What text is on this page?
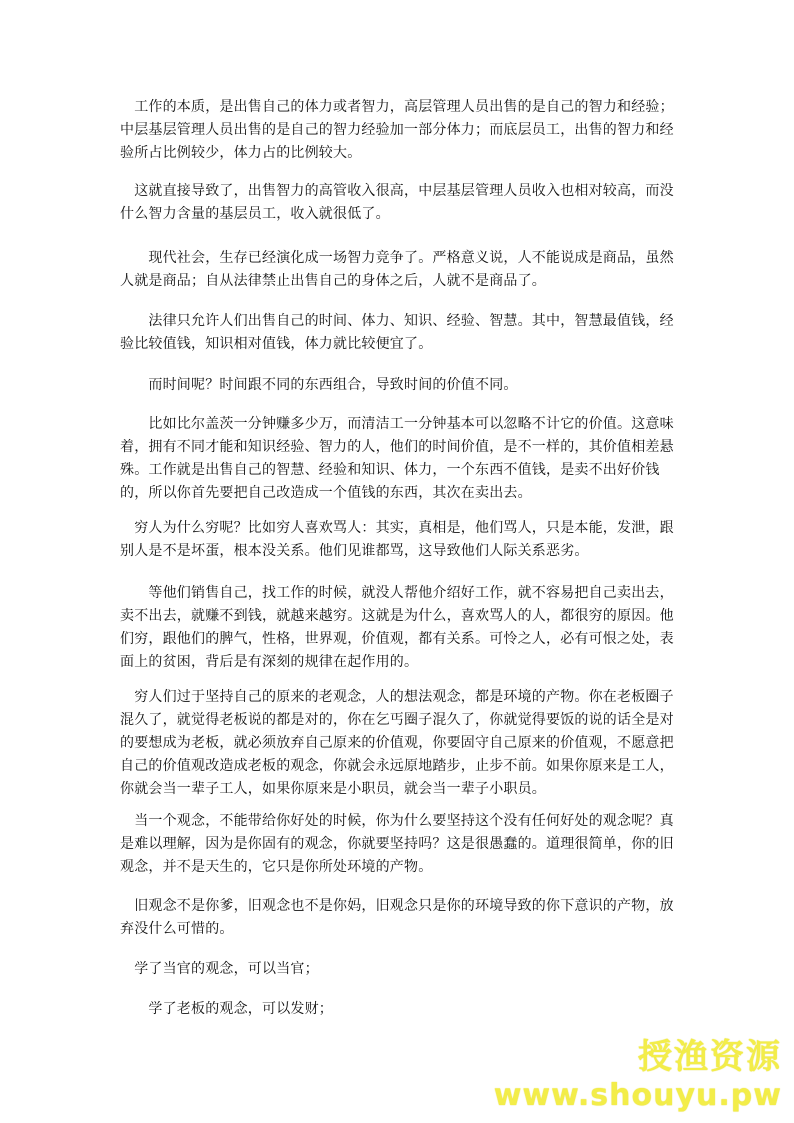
　工作的本质，是出售自己的体力或者智力，高层管理人员出售的是自己的智力和经验；中层基层管理人员出售的是自己的智力经验加一部分体力；而底层员工，出售的智力和经验所占比例较少，体力占的比例较大。

　这就直接导致了，出售智力的高管收入很高，中层基层管理人员收入也相对较高，而没什么智力含量的基层员工，收入就很低了。

　　现代社会，生存已经演化成一场智力竞争了。严格意义说，人不能说成是商品，虽然人就是商品；自从法律禁止出售自己的身体之后，人就不是商品了。

　　法律只允许人们出售自己的时间、体力、知识、经验、智慧。其中，智慧最值钱，经验比较值钱，知识相对值钱，体力就比较便宜了。

　　而时间呢？时间跟不同的东西组合，导致时间的价值不同。

　　比如比尔盖茨一分钟赚多少万，而清洁工一分钟基本可以忽略不计它的价值。这意味着，拥有不同才能和知识经验、智力的人，他们的时间价值，是不一样的，其价值相差悬殊。工作就是出售自己的智慧、经验和知识、体力，一个东西不值钱，是卖不出好价钱的，所以你首先要把自己改造成一个值钱的东西，其次在卖出去。

　穷人为什么穷呢？比如穷人喜欢骂人：其实，真相是，他们骂人，只是本能，发泄，跟别人是不是坏蛋，根本没关系。他们见谁都骂，这导致他们人际关系恶劣。

　　等他们销售自己，找工作的时候，就没人帮他介绍好工作，就不容易把自己卖出去，卖不出去，就赚不到钱，就越来越穷。这就是为什么，喜欢骂人的人，都很穷的原因。他们穷，跟他们的脾气，性格，世界观，价值观，都有关系。可怜之人，必有可恨之处，表面上的贫困，背后是有深刻的规律在起作用的。

　穷人们过于坚持自己的原来的老观念，人的想法观念，都是环境的产物。你在老板圈子混久了，就觉得老板说的都是对的，你在乞丐圈子混久了，你就觉得要饭的说的话全是对的要想成为老板，就必须放弃自己原来的价值观，你要固守自己原来的价值观，不愿意把自己的价值观改造成老板的观念，你就会永远原地踏步，止步不前。如果你原来是工人，你就会当一辈子工人，如果你原来是小职员，就会当一辈子小职员。

　当一个观念，不能带给你好处的时候，你为什么要坚持这个没有任何好处的观念呢？真是难以理解，因为是你固有的观念，你就要坚持吗？这是很愚蠢的。道理很简单，你的旧观念，并不是天生的，它只是你所处环境的产物。

　旧观念不是你爹，旧观念也不是你妈，旧观念只是你的环境导致的你下意识的产物，放弃没什么可惜的。

　学了当官的观念，可以当官；

　　学了老板的观念，可以发财；

授渔资源
www.shouyu.pw
